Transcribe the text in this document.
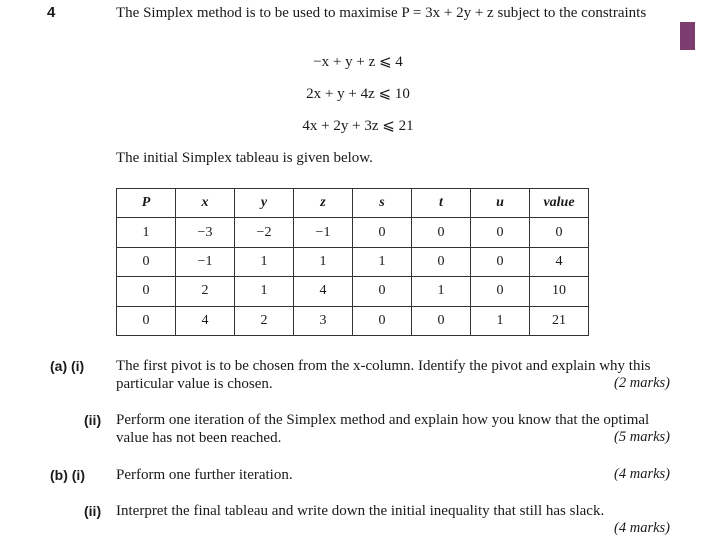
4	The Simplex method is to be used to maximise P = 3x + 2y + z subject to the constraints
−x + y + z ⩽ 4
2x + y + 4z ⩽ 10
4x + 2y + 3z ⩽ 21
The initial Simplex tableau is given below.
P	x	y	z	s	t	u	value
1	−3	−2	−1	0	0	0	0
0	−1	1	1	1	0	0	4
0	2	1	4	0	1	0	10
0	4	2	3	0	0	1	21
(a) (i) The first pivot is to be chosen from the x-column. Identify the pivot and explain why this particular value is chosen.	(2 marks)
(ii) Perform one iteration of the Simplex method and explain how you know that the optimal value has not been reached.	(5 marks)
(b) (i) Perform one further iteration.	(4 marks)
(ii) Interpret the final tableau and write down the initial inequality that still has slack.
(4 marks)
